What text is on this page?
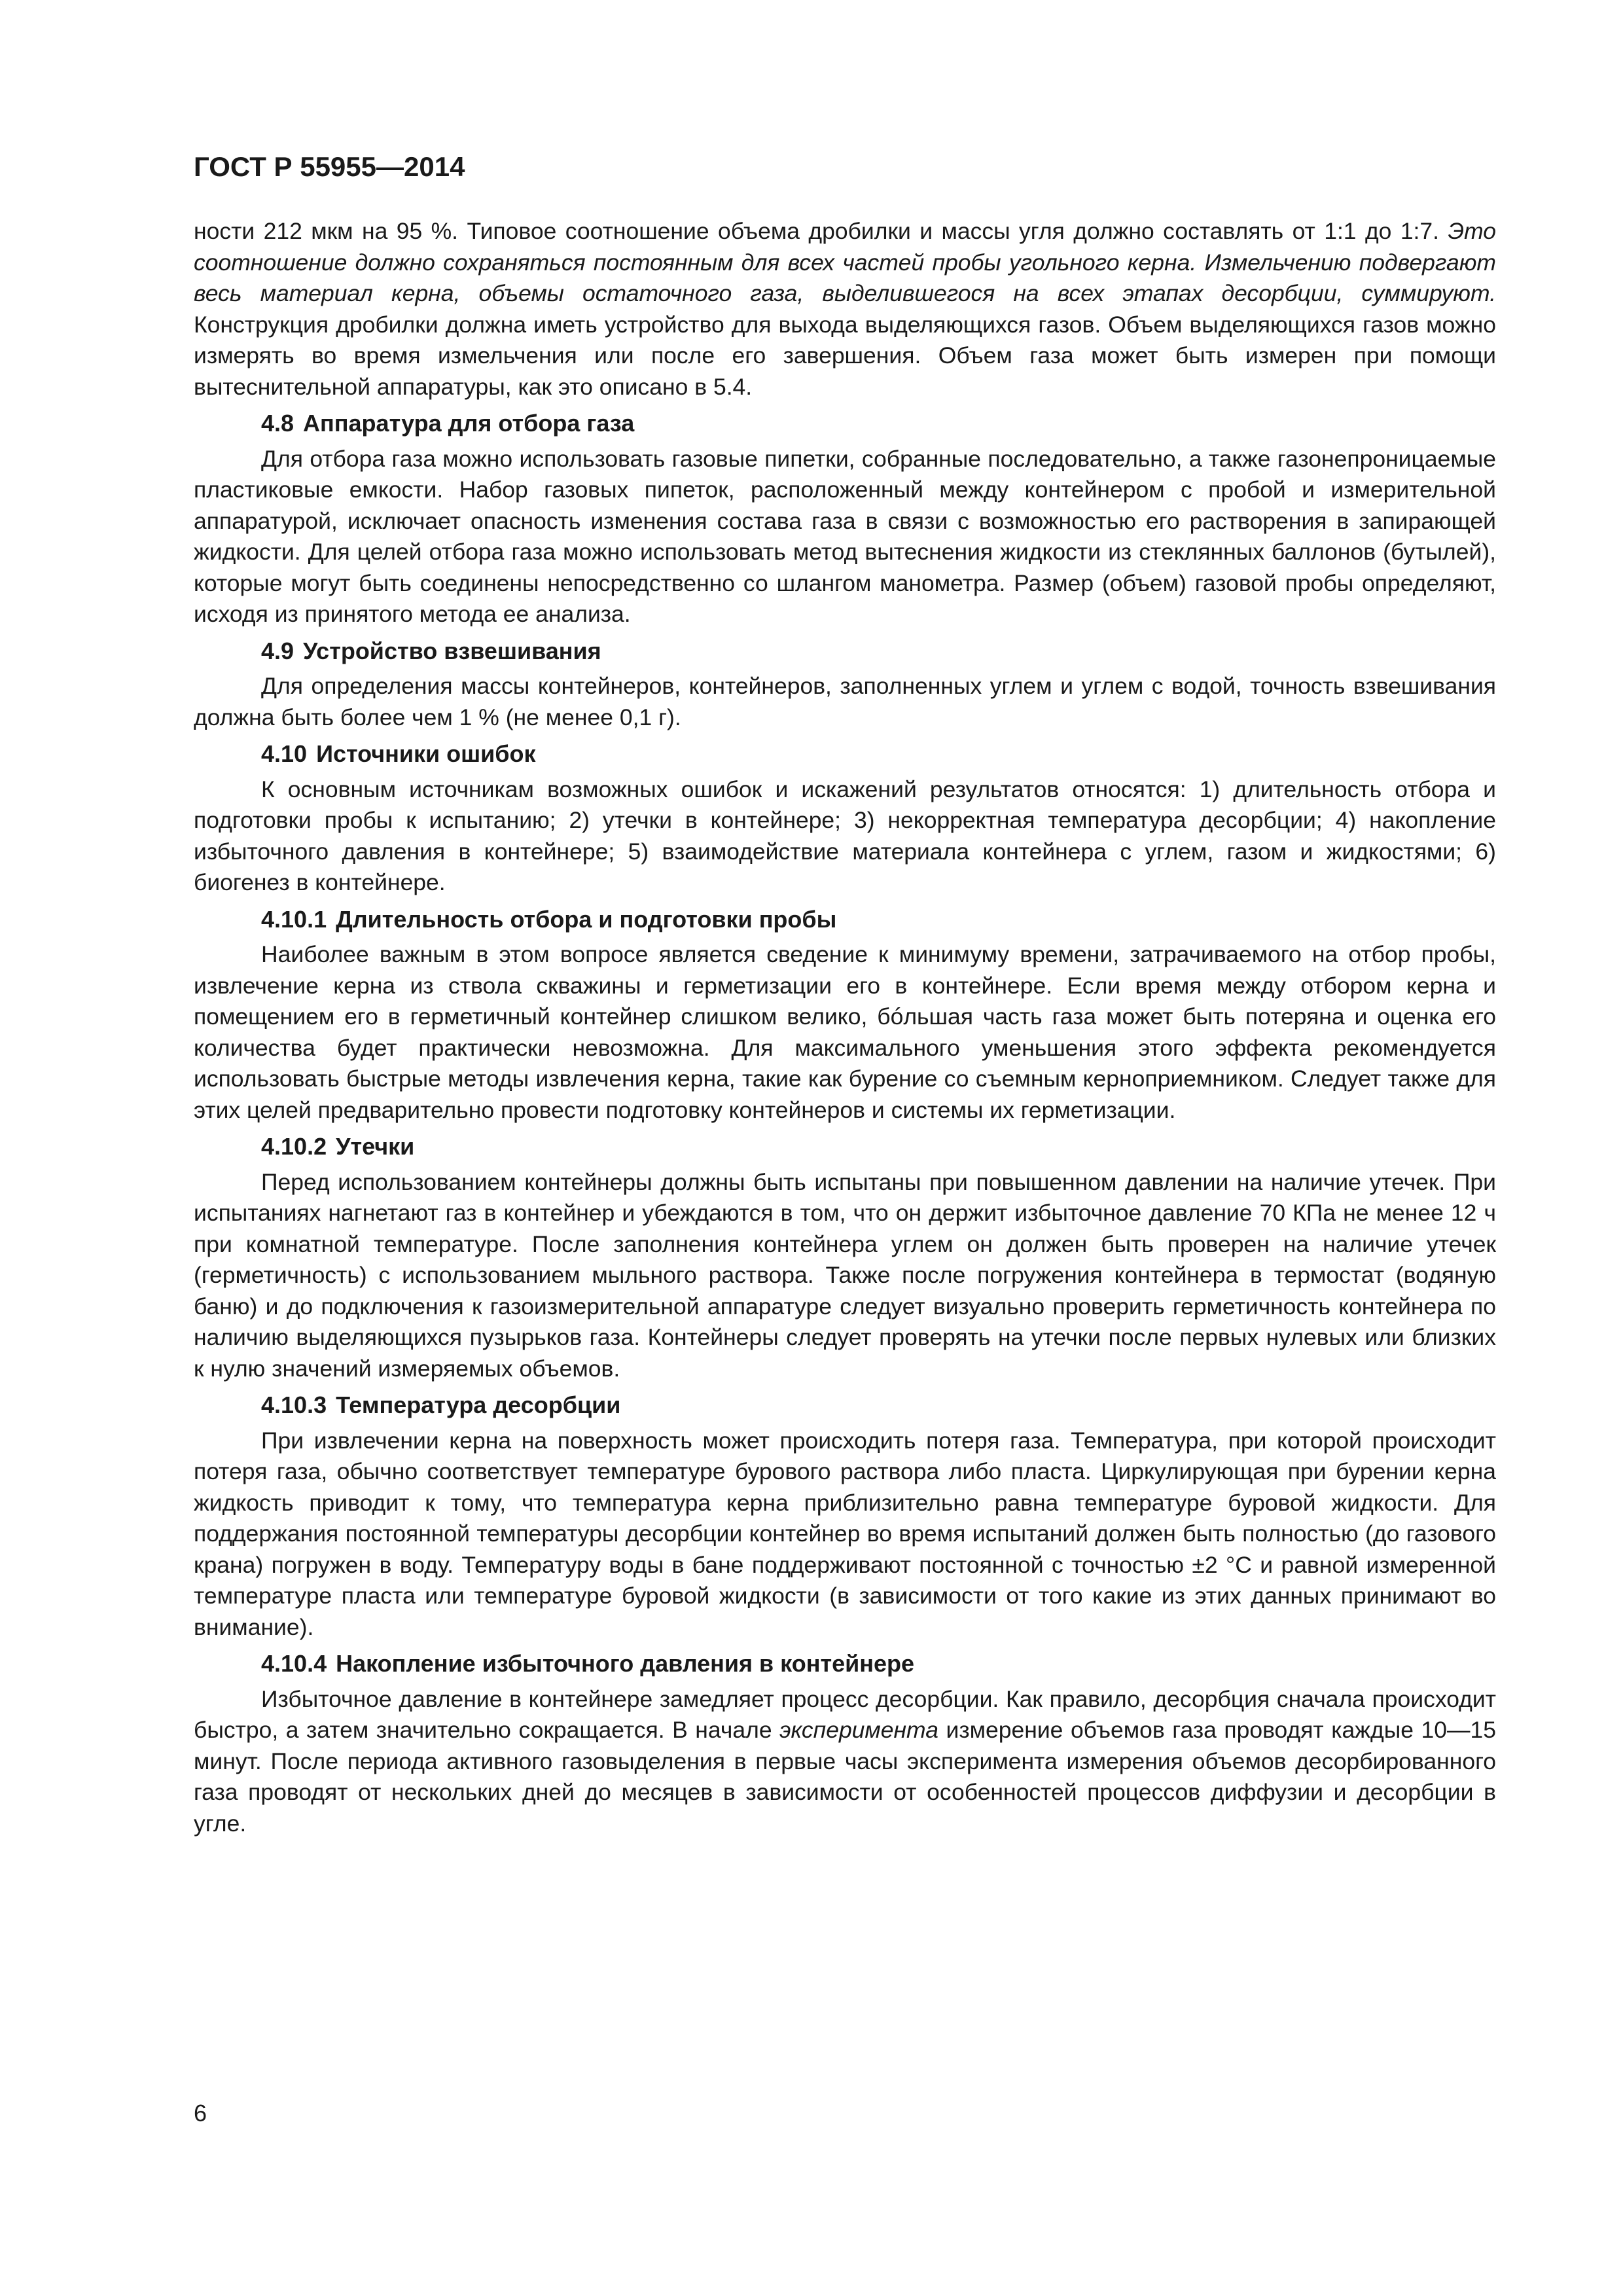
ГОСТ Р 55955—2014

ности 212 мкм на 95 %. Типовое соотношение объема дробилки и массы угля должно составлять от 1:1 до 1:7. Это соотношение должно сохраняться постоянным для всех частей пробы угольного керна. Измельчению подвергают весь материал керна, объемы остаточного газа, выделившегося на всех этапах десорбции, суммируют. Конструкция дробилки должна иметь устройство для выхода выделяющихся газов. Объем выделяющихся газов можно измерять во время измельчения или после его завершения. Объем газа может быть измерен при помощи вытеснительной аппаратуры, как это описано в 5.4.

4.8 Аппаратура для отбора газа

Для отбора газа можно использовать газовые пипетки, собранные последовательно, а также газонепроницаемые пластиковые емкости. Набор газовых пипеток, расположенный между контейнером с пробой и измерительной аппаратурой, исключает опасность изменения состава газа в связи с возможностью его растворения в запирающей жидкости. Для целей отбора газа можно использовать метод вытеснения жидкости из стеклянных баллонов (бутылей), которые могут быть соединены непосредственно со шлангом манометра. Размер (объем) газовой пробы определяют, исходя из принятого метода ее анализа.

4.9 Устройство взвешивания

Для определения массы контейнеров, контейнеров, заполненных углем и углем с водой, точность взвешивания должна быть более чем 1 % (не менее 0,1 г).

4.10 Источники ошибок

К основным источникам возможных ошибок и искажений результатов относятся: 1) длительность отбора и подготовки пробы к испытанию; 2) утечки в контейнере; 3) некорректная температура десорбции; 4) накопление избыточного давления в контейнере; 5) взаимодействие материала контейнера с углем, газом и жидкостями; 6) биогенез в контейнере.

4.10.1 Длительность отбора и подготовки пробы

Наиболее важным в этом вопросе является сведение к минимуму времени, затрачиваемого на отбор пробы, извлечение керна из ствола скважины и герметизации его в контейнере. Если время между отбором керна и помещением его в герметичный контейнер слишком велико, бóльшая часть газа может быть потеряна и оценка его количества будет практически невозможна. Для максимального уменьшения этого эффекта рекомендуется использовать быстрые методы извлечения керна, такие как бурение со съемным керноприемником. Следует также для этих целей предварительно провести подготовку контейнеров и системы их герметизации.

4.10.2 Утечки

Перед использованием контейнеры должны быть испытаны при повышенном давлении на наличие утечек. При испытаниях нагнетают газ в контейнер и убеждаются в том, что он держит избыточное давление 70 КПа не менее 12 ч при комнатной температуре. После заполнения контейнера углем он должен быть проверен на наличие утечек (герметичность) с использованием мыльного раствора. Также после погружения контейнера в термостат (водяную баню) и до подключения к газоизмерительной аппаратуре следует визуально проверить герметичность контейнера по наличию выделяющихся пузырьков газа. Контейнеры следует проверять на утечки после первых нулевых или близких к нулю значений измеряемых объемов.

4.10.3 Температура десорбции

При извлечении керна на поверхность может происходить потеря газа. Температура, при которой происходит потеря газа, обычно соответствует температуре бурового раствора либо пласта. Циркулирующая при бурении керна жидкость приводит к тому, что температура керна приблизительно равна температуре буровой жидкости. Для поддержания постоянной температуры десорбции контейнер во время испытаний должен быть полностью (до газового крана) погружен в воду. Температуру воды в бане поддерживают постоянной с точностью ±2 °С и равной измеренной температуре пласта или температуре буровой жидкости (в зависимости от того какие из этих данных принимают во внимание).

4.10.4 Накопление избыточного давления в контейнере

Избыточное давление в контейнере замедляет процесс десорбции. Как правило, десорбция сначала происходит быстро, а затем значительно сокращается. В начале эксперимента измерение объемов газа проводят каждые 10—15 минут. После периода активного газовыделения в первые часы эксперимента измерения объемов десорбированного газа проводят от нескольких дней до месяцев в зависимости от особенностей процессов диффузии и десорбции в угле.

6
